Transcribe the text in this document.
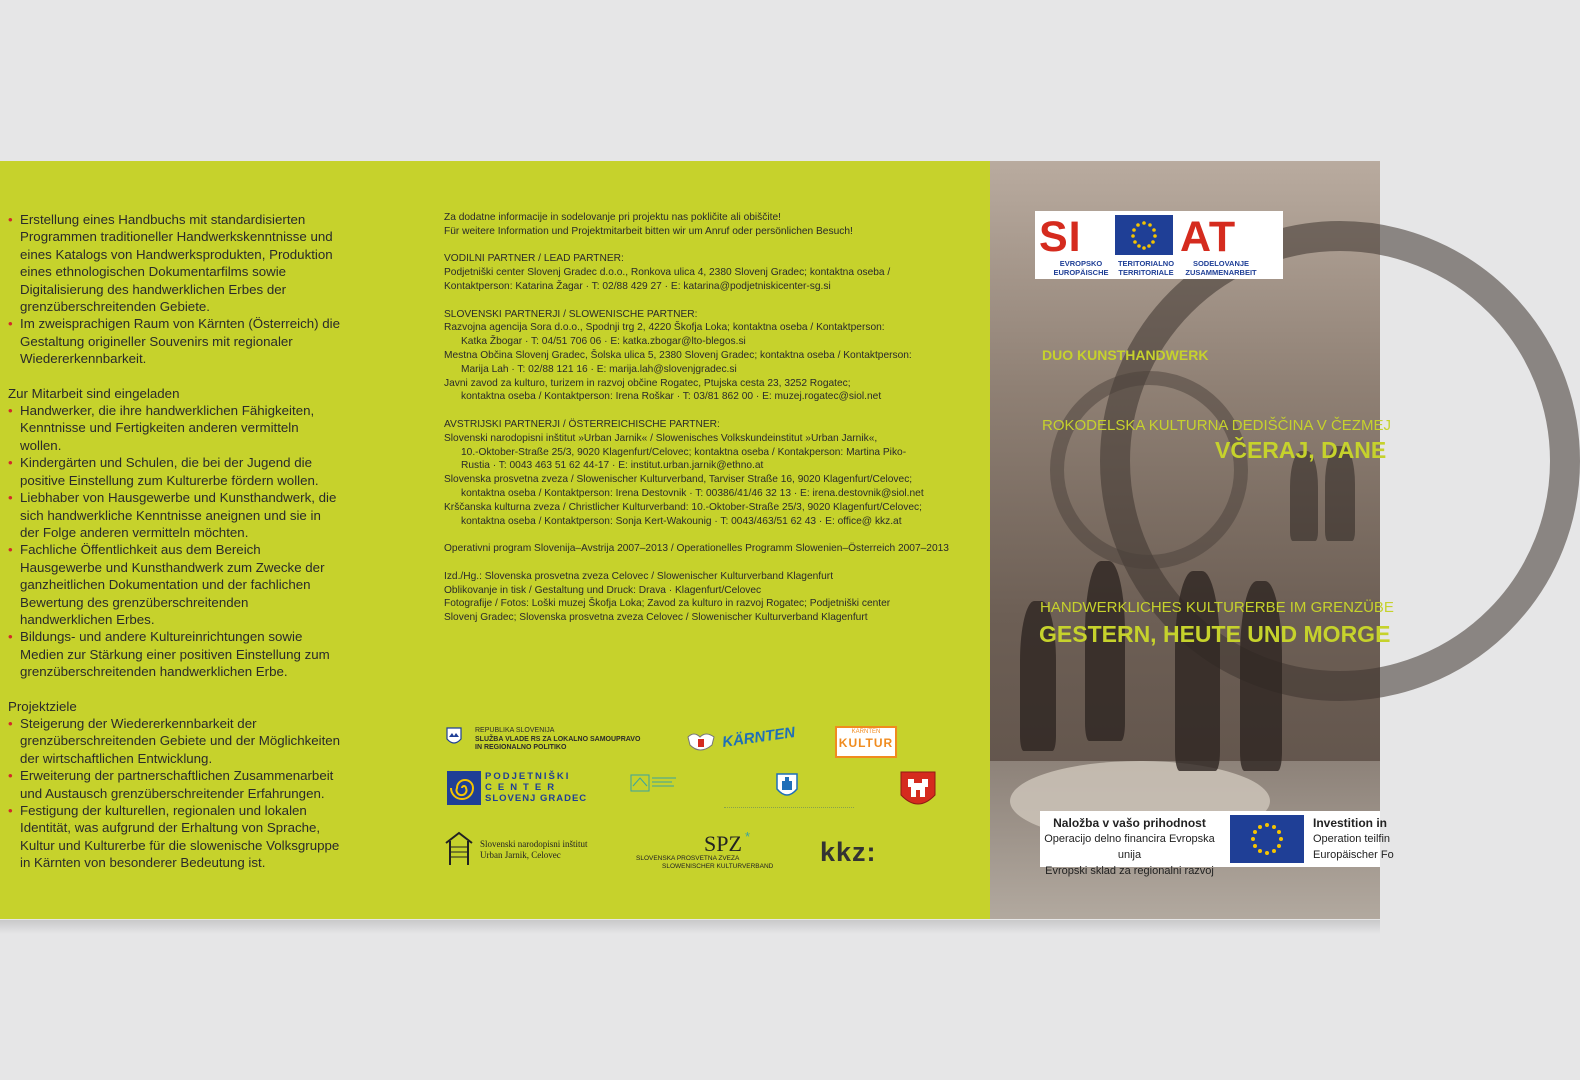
• Erstellung eines Handbuchs mit standardisierten Programmen traditioneller Handwerkskenntnisse und eines Katalogs von Handwerksprodukten, Produktion eines ethnologischen Dokumentarfilms sowie Digitalisierung des handwerklichen Erbes der grenzüberschreitenden Gebiete.
• Im zweisprachigen Raum von Kärnten (Österreich) die Gestaltung origineller Souvenirs mit regionaler Wiedererkennbarkeit.
Zur Mitarbeit sind eingeladen
• Handwerker, die ihre handwerklichen Fähigkeiten, Kenntnisse und Fertigkeiten anderen vermitteln wollen.
• Kindergärten und Schulen, die bei der Jugend die positive Einstellung zum Kulturerbe fördern wollen.
• Liebhaber von Hausgewerbe und Kunsthandwerk, die sich handwerkliche Kenntnisse aneignen und sie in der Folge anderen vermitteln möchten.
• Fachliche Öffentlichkeit aus dem Bereich Hausgewerbe und Kunsthandwerk zum Zwecke der ganzheitlichen Dokumentation und der fachlichen Bewertung des grenzüberschreitenden handwerklichen Erbes.
• Bildungs- und andere Kultureinrichtungen sowie Medien zur Stärkung einer positiven Einstellung zum grenzüberschreitenden handwerklichen Erbe.
Projektziele
• Steigerung der Wiedererkennbarkeit der grenzüberschreitenden Gebiete und der Möglichkeiten der wirtschaftlichen Entwicklung.
• Erweiterung der partnerschaftlichen Zusammenarbeit und Austausch grenzüberschreitender Erfahrungen.
• Festigung der kulturellen, regionalen und lokalen Identität, was aufgrund der Erhaltung von Sprache, Kultur und Kulturerbe für die slowenische Volksgruppe in Kärnten von besonderer Bedeutung ist.

Za dodatne informacije in sodelovanje pri projektu nas pokličite ali obiščite!

Für weitere Information und Projektmitarbeit bitten wir um Anruf oder persönlichen Besuch!

VODILNI PARTNER / LEAD PARTNER:

Podjetniški center Slovenj Gradec d.o.o., Ronkova ulica 4, 2380 Slovenj Gradec; kontaktna oseba /

Kontaktperson: Katarina Žagar · T: 02/88 429 27 · E: katarina@podjetniskicenter-sg.si

SLOVENSKI PARTNERJI / SLOWENISCHE PARTNER:

Razvojna agencija Sora d.o.o., Spodnji trg 2, 4220 Škofja Loka; kontaktna oseba / Kontaktperson:

Katka Žbogar · T: 04/51 706 06 · E: katka.zbogar@lto-blegos.si

Mestna Občina Slovenj Gradec, Šolska ulica 5, 2380 Slovenj Gradec; kontaktna oseba / Kontaktperson:

Marija Lah · T: 02/88 121 16 · E: marija.lah@slovenjgradec.si

Javni zavod za kulturo, turizem in razvoj občine Rogatec, Ptujska cesta 23, 3252 Rogatec;

kontaktna oseba / Kontaktperson: Irena Roškar · T: 03/81 862 00 · E: muzej.rogatec@siol.net

AVSTRIJSKI PARTNERJI / ÖSTERREICHISCHE PARTNER:

Slovenski narodopisni inštitut »Urban Jarnik« / Slowenisches Volkskundeinstitut »Urban Jarnik«,

10.-Oktober-Straße 25/3, 9020 Klagenfurt/Celovec; kontaktna oseba / Kontakperson: Martina Piko-

Rustia · T: 0043 463 51 62 44-17 · E: institut.urban.jarnik@ethno.at

Slovenska prosvetna zveza / Slowenischer Kulturverband, Tarviser Straße 16, 9020 Klagenfurt/Celovec;

kontaktna oseba / Kontaktperson: Irena Destovnik · T: 00386/41/46 32 13 · E: irena.destovnik@siol.net

Krščanska kulturna zveza / Christlicher Kulturverband: 10.-Oktober-Straße 25/3, 9020 Klagenfurt/Celovec;

kontaktna oseba / Kontaktperson: Sonja Kert-Wakounig · T: 0043/463/51 62 43 · E: office@ kkz.at

Operativni program Slovenija–Avstrija 2007–2013 / Operationelles Programm Slowenien–Österreich 2007–2013

Izd./Hg.: Slovenska prosvetna zveza Celovec / Slowenischer Kulturverband Klagenfurt

Oblikovanje in tisk / Gestaltung und Druck: Drava · Klagenfurt/Celovec

Fotografije / Fotos: Loški muzej Škofja Loka; Zavod za kulturo in razvoj Rogatec; Podjetniški center

Slovenj Gradec; Slovenska prosvetna zveza Celovec / Slowenischer Kulturverband Klagenfurt

REPUBLIKA SLOVENIJA
SLUŽBA VLADE RS ZA LOKALNO SAMOUPRAVO
IN REGIONALNO POLITIKO	KÄRNTEN	KÄRNTEN
KULTUR
PODJETNIŠKI
CENTER
SLOVENJ GRADEC
Slovenski narodopisni inštitut
Urban Jarnik, Celovec	SPZ *
SLOVENSKA PROSVETNA ZVEZA
SLOWENISCHER KULTURVERBAND kkz:
SI AT
EVROPSKO
EUROPÄISCHE
TERITORIALNO
TERRITORIALE
SODELOVANJE
ZUSAMMENARBEIT
DUO KUNSTHANDWERK
ROKODELSKA KULTURNA DEDIŠČINA V ČEZMEJ
VČERAJ, DANE
HANDWERKLICHES KULTURERBE IM GRENZÜBE
GESTERN, HEUTE UND MORGE
Naložba v vašo prihodnost
Operacijo delno financira Evropska unija
Evropski sklad za regionalni razvoj
Investition in
Operation teilfin
Europäischer Fo
